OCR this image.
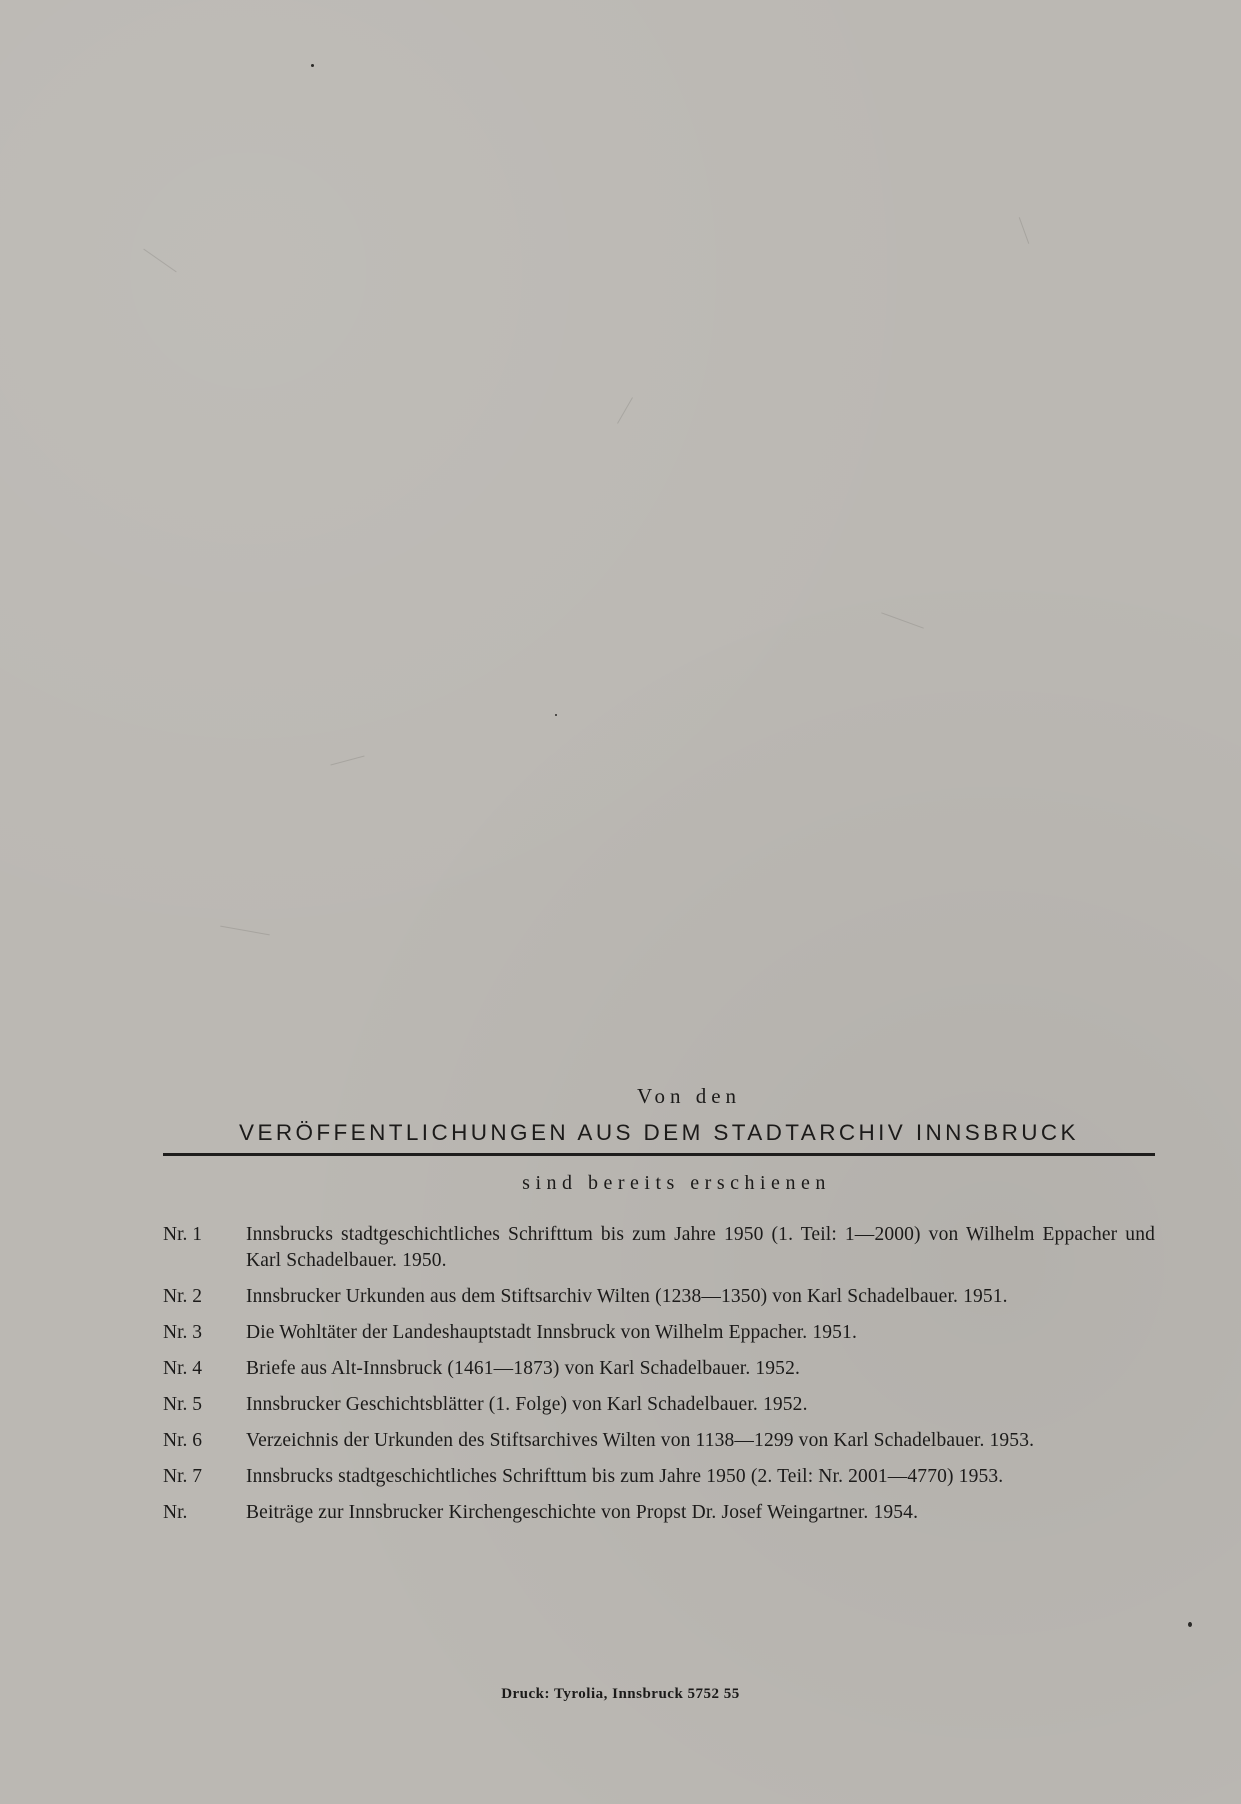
Von den
VERÖFFENTLICHUNGEN AUS DEM STADTARCHIV INNSBRUCK
sind bereits erschienen
Nr. 1	Innsbrucks stadtgeschichtliches Schrifttum bis zum Jahre 1950 (1. Teil: 1—2000) von Wilhelm Eppacher und Karl Schadelbauer. 1950.
Nr. 2	Innsbrucker Urkunden aus dem Stiftsarchiv Wilten (1238—1350) von Karl Schadelbauer. 1951.
Nr. 3	Die Wohltäter der Landeshauptstadt Innsbruck von Wilhelm Eppacher. 1951.
Nr. 4	Briefe aus Alt-Innsbruck (1461—1873) von Karl Schadelbauer. 1952.
Nr. 5	Innsbrucker Geschichtsblätter (1. Folge) von Karl Schadelbauer. 1952.
Nr. 6	Verzeichnis der Urkunden des Stiftsarchives Wilten von 1138—1299 von Karl Schadelbauer. 1953.
Nr. 7	Innsbrucks stadtgeschichtliches Schrifttum bis zum Jahre 1950 (2. Teil: Nr. 2001—4770) 1953.
Nr.	Beiträge zur Innsbrucker Kirchengeschichte von Propst Dr. Josef Weingartner. 1954.
Druck: Tyrolia, Innsbruck 5752 55
